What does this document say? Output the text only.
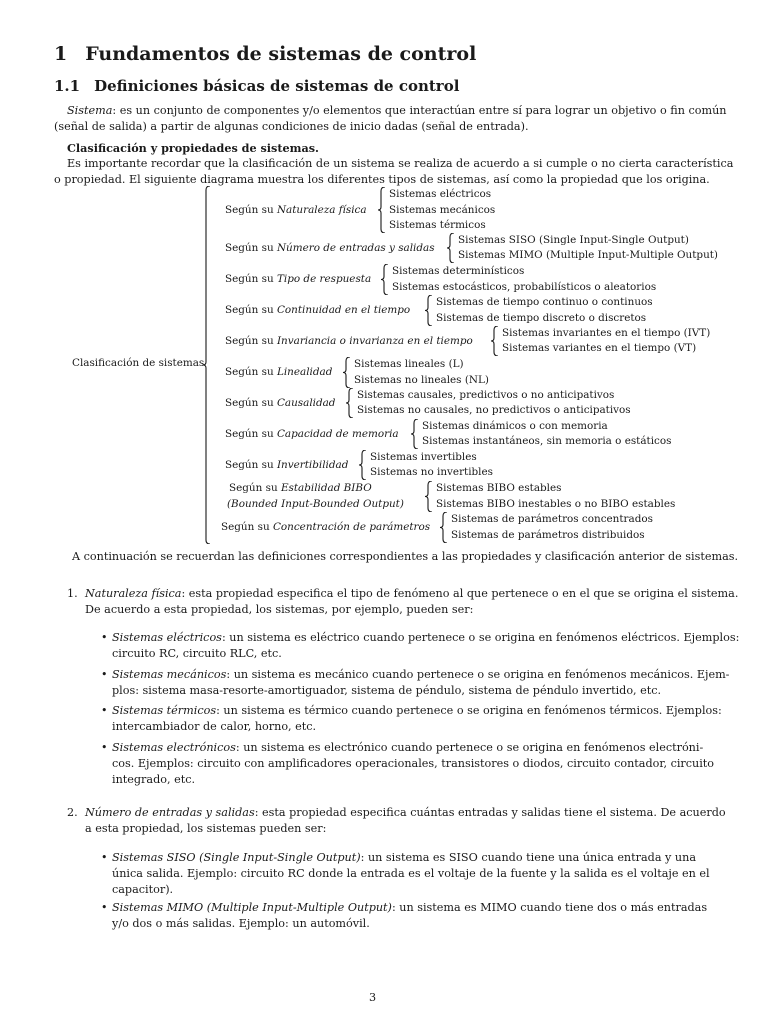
1 Fundamentos de sistemas de control
1.1 Definiciones básicas de sistemas de control
Sistema: es un conjunto de componentes y/o elementos que interactúan entre sí para lograr un objetivo o fin común
(señal de salida) a partir de algunas condiciones de inicio dadas (señal de entrada).
Clasificación y propiedades de sistemas.
Es importante recordar que la clasificación de un sistema se realiza de acuerdo a si cumple o no cierta característica
o propiedad. El siguiente diagrama muestra los diferentes tipos de sistemas, así como la propiedad que los origina.
Clasificación de sistemas
Según su Naturaleza física
Sistemas eléctricos
Sistemas mecánicos
Sistemas térmicos
Según su Número de entradas y salidas
Sistemas SISO (Single Input-Single Output)
Sistemas MIMO (Multiple Input-Multiple Output)
Según su Tipo de respuesta
Sistemas determinísticos
Sistemas estocásticos, probabilísticos o aleatorios
Según su Continuidad en el tiempo
Sistemas de tiempo continuo o continuos
Sistemas de tiempo discreto o discretos
Según su Invariancia o invarianza en el tiempo
Sistemas invariantes en el tiempo (IVT)
Sistemas variantes en el tiempo (VT)
Según su Linealidad
Sistemas lineales (L)
Sistemas no lineales (NL)
Según su Causalidad
Sistemas causales, predictivos o no anticipativos
Sistemas no causales, no predictivos o anticipativos
Según su Capacidad de memoria
Sistemas dinámicos o con memoria
Sistemas instantáneos, sin memoria o estáticos
Según su Invertibilidad
Sistemas invertibles
Sistemas no invertibles
Según su Estabilidad BIBO
(Bounded Input-Bounded Output)
Sistemas BIBO estables
Sistemas BIBO inestables o no BIBO estables
Según su Concentración de parámetros
Sistemas de parámetros concentrados
Sistemas de parámetros distribuidos
A continuación se recuerdan las definiciones correspondientes a las propiedades y clasificación anterior de sistemas.
1. Naturaleza física: esta propiedad especifica el tipo de fenómeno al que pertenece o en el que se origina el sistema.
De acuerdo a esta propiedad, los sistemas, por ejemplo, pueden ser:
• Sistemas eléctricos: un sistema es eléctrico cuando pertenece o se origina en fenómenos eléctricos. Ejemplos:
circuito RC, circuito RLC, etc.
• Sistemas mecánicos: un sistema es mecánico cuando pertenece o se origina en fenómenos mecánicos. Ejem-
plos: sistema masa-resorte-amortiguador, sistema de péndulo, sistema de péndulo invertido, etc.
• Sistemas térmicos: un sistema es térmico cuando pertenece o se origina en fenómenos térmicos. Ejemplos:
intercambiador de calor, horno, etc.
• Sistemas electrónicos: un sistema es electrónico cuando pertenece o se origina en fenómenos electróni-
cos. Ejemplos: circuito con amplificadores operacionales, transistores o diodos, circuito contador, circuito
integrado, etc.
2. Número de entradas y salidas: esta propiedad especifica cuántas entradas y salidas tiene el sistema. De acuerdo
a esta propiedad, los sistemas pueden ser:
• Sistemas SISO (Single Input-Single Output): un sistema es SISO cuando tiene una única entrada y una
única salida. Ejemplo: circuito RC donde la entrada es el voltaje de la fuente y la salida es el voltaje en el
capacitor).
• Sistemas MIMO (Multiple Input-Multiple Output): un sistema es MIMO cuando tiene dos o más entradas
y/o dos o más salidas. Ejemplo: un automóvil.
3
